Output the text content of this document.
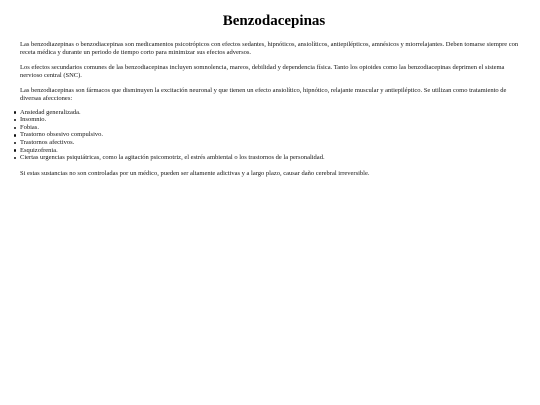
Benzodacepinas

Las benzodiazepinas o benzodiacepinas son medicamentos psicotrópicos con efectos sedantes, hipnóticos, ansiolíticos, antiepilépticos, amnésicos y miorrelajantes. Deben tomarse siempre con receta médica y durante un periodo de tiempo corto para minimizar sus efectos adversos.

Los efectos secundarios comunes de las benzodiacepinas incluyen somnolencia, mareos, debilidad y dependencia física. Tanto los opioides como las benzodiacepinas deprimen el sistema nervioso central (SNC).

Las benzodiacepinas son fármacos que disminuyen la excitación neuronal y que tienen un efecto ansiolítico, hipnótico, relajante muscular y antiepiléptico. Se utilizan como tratamiento de diversas afecciones:

Ansiedad generalizada.
Insomnio.
Fobias.
Trastorno obsesivo compulsivo.
Trastornos afectivos.
Esquizofrenia.
Ciertas urgencias psiquiátricas, como la agitación psicomotriz, el estrés ambiental o los trastornos de la personalidad.

Si estas sustancias no son controladas por un médico, pueden ser altamente adictivas y a largo plazo, causar daño cerebral irreversible.
